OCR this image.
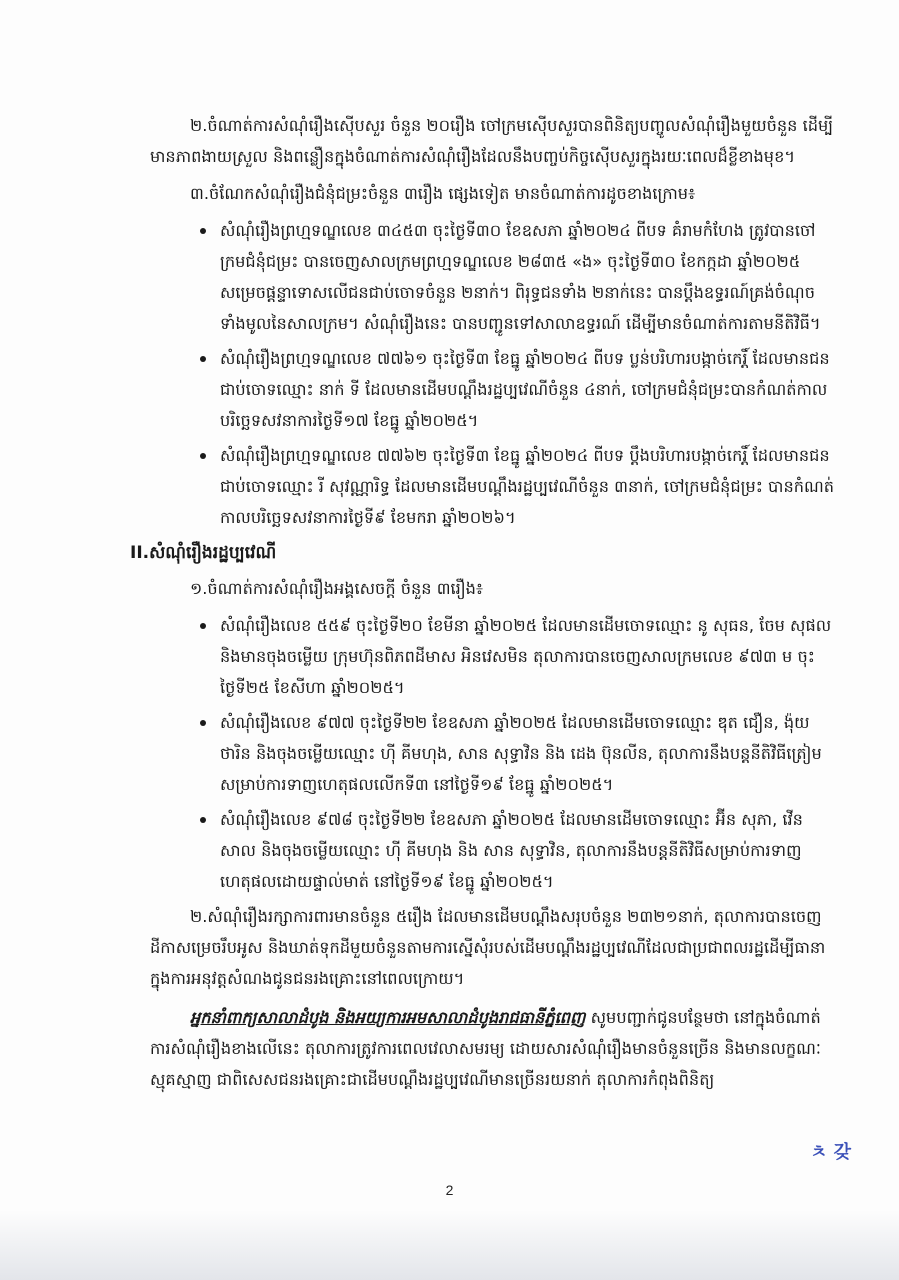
២.ចំណាត់ការសំណុំរឿងស៊ើបសួរ ចំនួន ២០រឿង ចៅក្រមស៊ើបសួរបានពិនិត្យបញ្ចូលសំណុំរឿងមួយចំនួន ដើម្បីមានភាពងាយស្រួល និងពន្លឿនក្នុងចំណាត់ការសំណុំរឿងដែលនឹងបញ្ចប់កិច្ចស៊ើបសួរក្នុងរយៈពេលដ៏ខ្លីខាងមុខ។
៣.ចំណែកសំណុំរឿងជំនុំជម្រះចំនួន ៣រឿង ផ្សេងទៀត មានចំណាត់ការដូចខាងក្រោម៖
សំណុំរឿងព្រហ្មទណ្ឌលេខ ៣៤៥៣ ចុះថ្ងៃទី៣០ ខែឧសភា ឆ្នាំ២០២៤ ពីបទ គំរាមកំហែង ត្រូវបានចៅក្រមជំនុំជម្រះ បានចេញសាលក្រមព្រហ្មទណ្ឌលេខ ២៨៣៥ «ង» ចុះថ្ងៃទី៣០ ខែកក្កដា ឆ្នាំ២០២៥ សម្រេចផ្តន្ទាទោសលើជនជាប់ចោទចំនួន ២នាក់។ ពិរុទ្ធជនទាំង ២នាក់នេះ បានប្តឹងឧទ្ធរណ៍គ្រង់ចំណុចទាំងមូលនៃសាលក្រម។ សំណុំរឿងនេះ បានបញ្ជូនទៅសាលាឧទ្ធរណ៍ ដើម្បីមានចំណាត់ការតាមនីតិវិធី។
សំណុំរឿងព្រហ្មទណ្ឌលេខ ៧៧៦១ ចុះថ្ងៃទី៣ ខែធ្នូ ឆ្នាំ២០២៤ ពីបទ ប្លន់បរិហារបង្កាច់កេរ្តិ៍ ដែលមានជនជាប់ចោទឈ្មោះ នាក់ ទី ដែលមានដើមបណ្តឹងរដ្ឋប្បវេណីចំនួន ៤នាក់, ចៅក្រមជំនុំជម្រះបានកំណត់កាលបរិច្ឆេទសវនាការថ្ងៃទី១៧ ខែធ្នូ ឆ្នាំ២០២៥។
សំណុំរឿងព្រហ្មទណ្ឌលេខ ៧៧៦២ ចុះថ្ងៃទី៣ ខែធ្នូ ឆ្នាំ២០២៤ ពីបទ ប្តឹងបរិហារបង្កាច់កេរ្តិ៍ ដែលមានជនជាប់ចោទឈ្មោះ រី សុវណ្ណារិទ្ធ ដែលមានដើមបណ្តឹងរដ្ឋប្បវេណីចំនួន ៣នាក់, ចៅក្រមជំនុំជម្រះ បានកំណត់កាលបរិច្ឆេទសវនាការថ្ងៃទី៩ ខែមករា ឆ្នាំ២០២៦។
II.សំណុំរឿងរដ្ឋប្បវេណី
១.ចំណាត់ការសំណុំរឿងអង្គសេចក្តី ចំនួន ៣រឿង៖
សំណុំរឿងលេខ ៥៥៩ ចុះថ្ងៃទី២០ ខែមីនា ឆ្នាំ២០២៥ ដែលមានដើមចោទឈ្មោះ នូ សុធន, ចែម សុផល និងមានចុងចម្លើយ ក្រុមហ៊ុនពិភពដីមាស អិនវេសមិន តុលាការបានចេញសាលក្រមលេខ ៩៧៣ ម ចុះថ្ងៃទី២៥ ខែសីហា ឆ្នាំ២០២៥។
សំណុំរឿងលេខ ៩៧៧ ចុះថ្ងៃទី២២ ខែឧសភា ឆ្នាំ២០២៥ ដែលមានដើមចោទឈ្មោះ ឌុត ជឿន, ង៉ុយ ថារិន និងចុងចម្លើយឈ្មោះ ហ៊ី គីមហុង, សាន សុទ្ធាវិន និង ដេង ប៊ុនលីន, តុលាការនឹងបន្តនីតិវិធីត្រៀមសម្រាប់ការទាញហេតុផលលើកទី៣ នៅថ្ងៃទី១៩ ខែធ្នូ ឆ្នាំ២០២៥។
សំណុំរឿងលេខ ៩៧៨ ចុះថ្ងៃទី២២ ខែឧសភា ឆ្នាំ២០២៥ ដែលមានដើមចោទឈ្មោះ អ៊ីន សុភា, វើន សាល និងចុងចម្លើយឈ្មោះ ហ៊ី គីមហុង និង សាន សុទ្ធាវិន, តុលាការនឹងបន្តនីតិវិធីសម្រាប់ការទាញហេតុផលដោយផ្ទាល់មាត់ នៅថ្ងៃទី១៩ ខែធ្នូ ឆ្នាំ២០២៥។
២.សំណុំរឿងរក្សាការពារមានចំនួន ៥រឿង ដែលមានដើមបណ្តឹងសរុបចំនួន ២៣២១នាក់, តុលាការបានចេញដីកាសម្រេចរឹបអូស និងឃាត់ទុកដីមួយចំនួនតាមការស្នើសុំរបស់ដើមបណ្តឹងរដ្ឋប្បវេណីដែលជាប្រជាពលរដ្ឋដើម្បីធានាក្នុងការអនុវត្តសំណងជូនជនរងគ្រោះនៅពេលក្រោយ។
អ្នកនាំពាក្យសាលាដំបូង និងអយ្យការអមសាលាដំបូងរាជធានីភ្នំពេញ សូមបញ្ជាក់ជូនបន្ថែមថា នៅក្នុងចំណាត់ការសំណុំរឿងខាងលើនេះ តុលាការត្រូវការពេលវេលាសមរម្យ ដោយសារសំណុំរឿងមានចំនួនច្រើន និងមានលក្ខណៈស្មុគស្មាញ ជាពិសេសជនរងគ្រោះជាដើមបណ្តឹងរដ្ឋប្បវេណីមានច្រើនរយនាក់ តុលាការកំពុងពិនិត្យ
ㅊ 갖
2
